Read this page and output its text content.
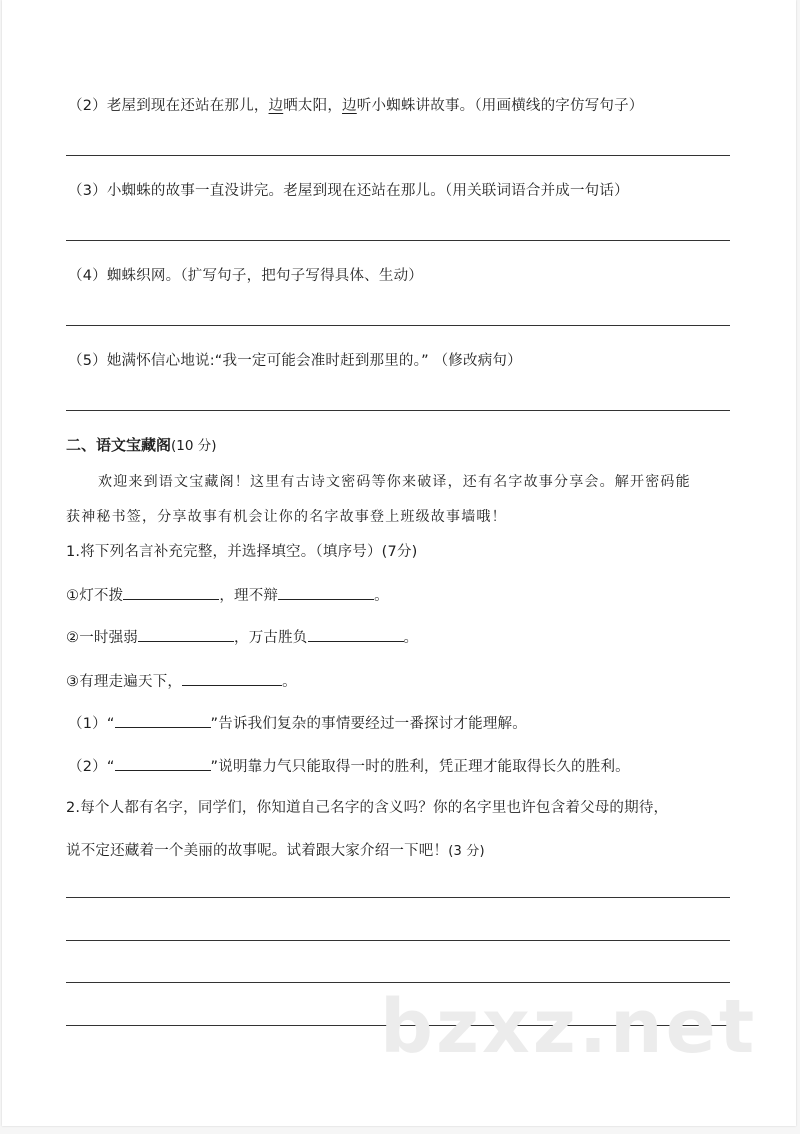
（2）老屋到现在还站在那儿，边晒太阳，边听小蜘蛛讲故事。（用画横线的字仿写句子）
（3）小蜘蛛的故事一直没讲完。老屋到现在还站在那儿。（用关联词语合并成一句话）
（4）蜘蛛织网。（扩写句子，把句子写得具体、生动）
（5）她满怀信心地说:“我一定可能会准时赶到那里的。” （修改病句）
二、语文宝藏阁(10 分)
欢迎来到语文宝藏阁！这里有古诗文密码等你来破译，还有名字故事分享会。解开密码能
获神秘书签，分享故事有机会让你的名字故事登上班级故事墙哦！
1.将下列名言补充完整，并选择填空。（填序号）(7分)
①灯不拨	，理不辩	。
②一时强弱	，万古胜负	。
③有理走遍天下，	。
（1）“	”告诉我们复杂的事情要经过一番探讨才能理解。
（2）“	”说明靠力气只能取得一时的胜利，凭正理才能取得长久的胜利。
2.每个人都有名字，同学们，你知道自己名字的含义吗？你的名字里也许包含着父母的期待，
说不定还藏着一个美丽的故事呢。试着跟大家介绍一下吧！(3 分)
bzxz.net
